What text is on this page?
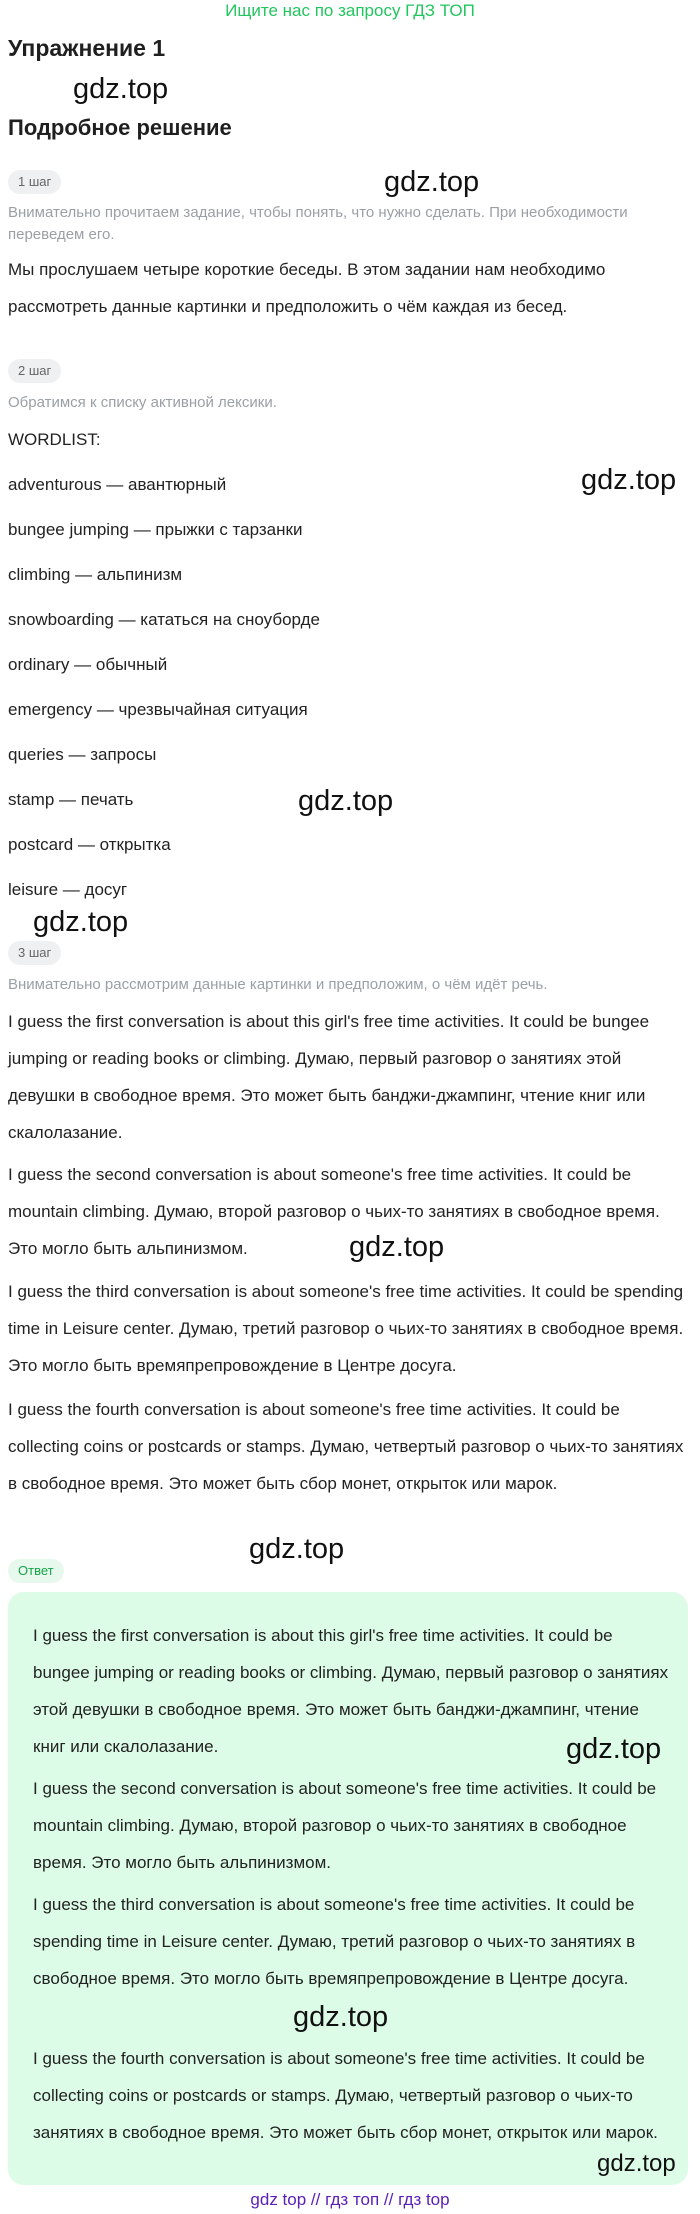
Ищите нас по запросу ГДЗ ТОП
Упражнение 1
Подробное решение
1 шаг

Внимательно прочитаем задание, чтобы понять, что нужно сделать. При необходимости переведем его.

Мы прослушаем четыре короткие беседы. В этом задании нам необходимо рассмотреть данные картинки и предположить о чём каждая из бесед.

2 шаг

Обратимся к списку активной лексики.

WORDLIST:
adventurous — авантюрный
bungee jumping — прыжки с тарзанки
climbing — альпинизм
snowboarding — кататься на сноуборде
ordinary — обычный
emergency — чрезвычайная ситуация
queries — запросы
stamp — печать
postcard — открытка
leisure — досуг
3 шаг

Внимательно рассмотрим данные картинки и предположим, о чём идёт речь.

I guess the first conversation is about this girl's free time activities. It could be bungee jumping or reading books or climbing. Думаю, первый разговор о занятиях этой девушки в свободное время. Это может быть банджи-джампинг, чтение книг или скалолазание.

I guess the second conversation is about someone's free time activities. It could be mountain climbing. Думаю, второй разговор о чьих-то занятиях в свободное время. Это могло быть альпинизмом.

I guess the third conversation is about someone's free time activities. It could be spending time in Leisure center. Думаю, третий разговор о чьих-то занятиях в свободное время. Это могло быть времяпрепровождение в Центре досуга.

I guess the fourth conversation is about someone's free time activities. It could be collecting coins or postcards or stamps. Думаю, четвертый разговор о чьих-то занятиях в свободное время. Это может быть сбор монет, открыток или марок.

Ответ

I guess the first conversation is about this girl's free time activities. It could be bungee jumping or reading books or climbing. Думаю, первый разговор о занятиях этой девушки в свободное время. Это может быть банджи-джампинг, чтение книг или скалолазание.

I guess the second conversation is about someone's free time activities. It could be mountain climbing. Думаю, второй разговор о чьих-то занятиях в свободное время. Это могло быть альпинизмом.

I guess the third conversation is about someone's free time activities. It could be spending time in Leisure center. Думаю, третий разговор о чьих-то занятиях в свободное время. Это могло быть времяпрепровождение в Центре досуга.

I guess the fourth conversation is about someone's free time activities. It could be collecting coins or postcards or stamps. Думаю, четвертый разговор о чьих-то занятиях в свободное время. Это может быть сбор монет, открыток или марок.

gdz.top
gdz.top
gdz.top
gdz.top
gdz.top
gdz.top
gdz.top
gdz.top
gdz.top
gdz.top
gdz top // гдз топ // гдз top
